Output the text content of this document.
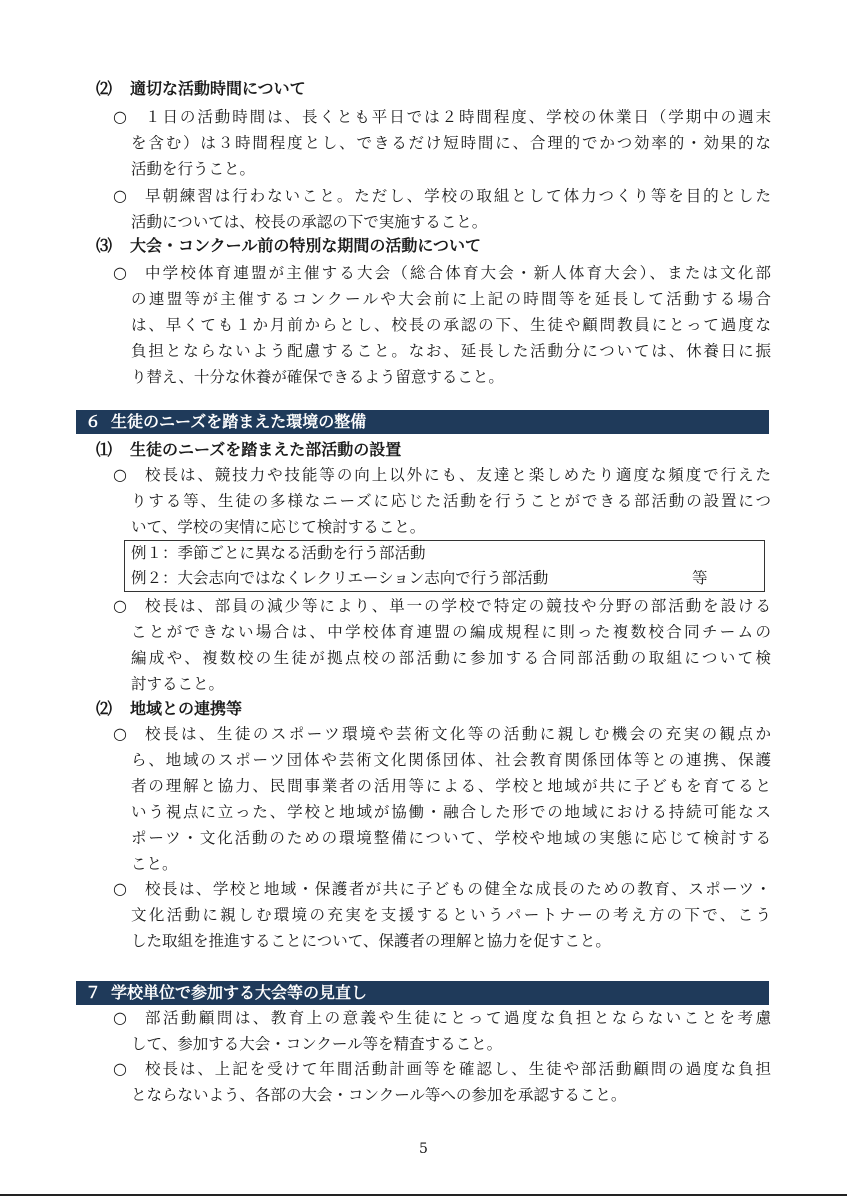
⑵ 適切な活動時間について
○ １日の活動時間は、長くとも平日では２時間程度、学校の休業日（学期中の週末
を含む）は３時間程度とし、できるだけ短時間に、合理的でかつ効率的・効果的な
活動を行うこと。
○ 早朝練習は行わないこと。ただし、学校の取組として体力つくり等を目的とした
活動については、校長の承認の下で実施すること。
⑶ 大会・コンクール前の特別な期間の活動について
○ 中学校体育連盟が主催する大会（総合体育大会・新人体育大会）、または文化部
の連盟等が主催するコンクールや大会前に上記の時間等を延長して活動する場合
は、早くても１か月前からとし、校長の承認の下、生徒や顧問教員にとって過度な
負担とならないよう配慮すること。なお、延長した活動分については、休養日に振
り替え、十分な休養が確保できるよう留意すること。
６ 生徒のニーズを踏まえた環境の整備
⑴ 生徒のニーズを踏まえた部活動の設置
○ 校長は、競技力や技能等の向上以外にも、友達と楽しめたり適度な頻度で行えた
りする等、生徒の多様なニーズに応じた活動を行うことができる部活動の設置につ
いて、学校の実情に応じて検討すること。
例１：季節ごとに異なる活動を行う部活動
例２：大会志向ではなくレクリエーション志向で行う部活動	等
○ 校長は、部員の減少等により、単一の学校で特定の競技や分野の部活動を設ける
ことができない場合は、中学校体育連盟の編成規程に則った複数校合同チームの
編成や、複数校の生徒が拠点校の部活動に参加する合同部活動の取組について検
討すること。
⑵ 地域との連携等
○ 校長は、生徒のスポーツ環境や芸術文化等の活動に親しむ機会の充実の観点か
ら、地域のスポーツ団体や芸術文化関係団体、社会教育関係団体等との連携、保護
者の理解と協力、民間事業者の活用等による、学校と地域が共に子どもを育てると
いう視点に立った、学校と地域が協働・融合した形での地域における持続可能なス
ポーツ・文化活動のための環境整備について、学校や地域の実態に応じて検討する
こと。
○ 校長は、学校と地域・保護者が共に子どもの健全な成長のための教育、スポーツ・
文化活動に親しむ環境の充実を支援するというパートナーの考え方の下で、こう
した取組を推進することについて、保護者の理解と協力を促すこと。
７ 学校単位で参加する大会等の見直し
○ 部活動顧問は、教育上の意義や生徒にとって過度な負担とならないことを考慮
して、参加する大会・コンクール等を精査すること。
○ 校長は、上記を受けて年間活動計画等を確認し、生徒や部活動顧問の過度な負担
とならないよう、各部の大会・コンクール等への参加を承認すること。
5
